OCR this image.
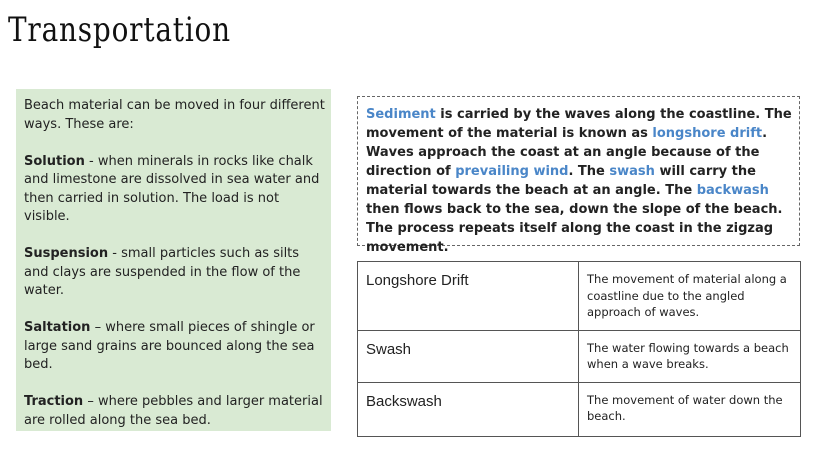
Transportation

Beach material can be moved in four different ways. These are:

Solution - when minerals in rocks like chalk and limestone are dissolved in sea water and then carried in solution. The load is not visible.

Suspension - small particles such as silts and clays are suspended in the flow of the water.

Saltation – where small pieces of shingle or large sand grains are bounced along the sea bed.

Traction – where pebbles and larger material are rolled along the sea bed.

Sediment is carried by the waves along the coastline. The movement of the material is known as longshore drift. Waves approach the coast at an angle because of the direction of prevailing wind. The swash will carry the material towards the beach at an angle. The backwash then flows back to the sea, down the slope of the beach. The process repeats itself along the coast in the zigzag movement.
Longshore Drift	The movement of material along a coastline due to the angled approach of waves.
Swash	The water flowing towards a beach when a wave breaks.
Backswash	The movement of water down the beach.
